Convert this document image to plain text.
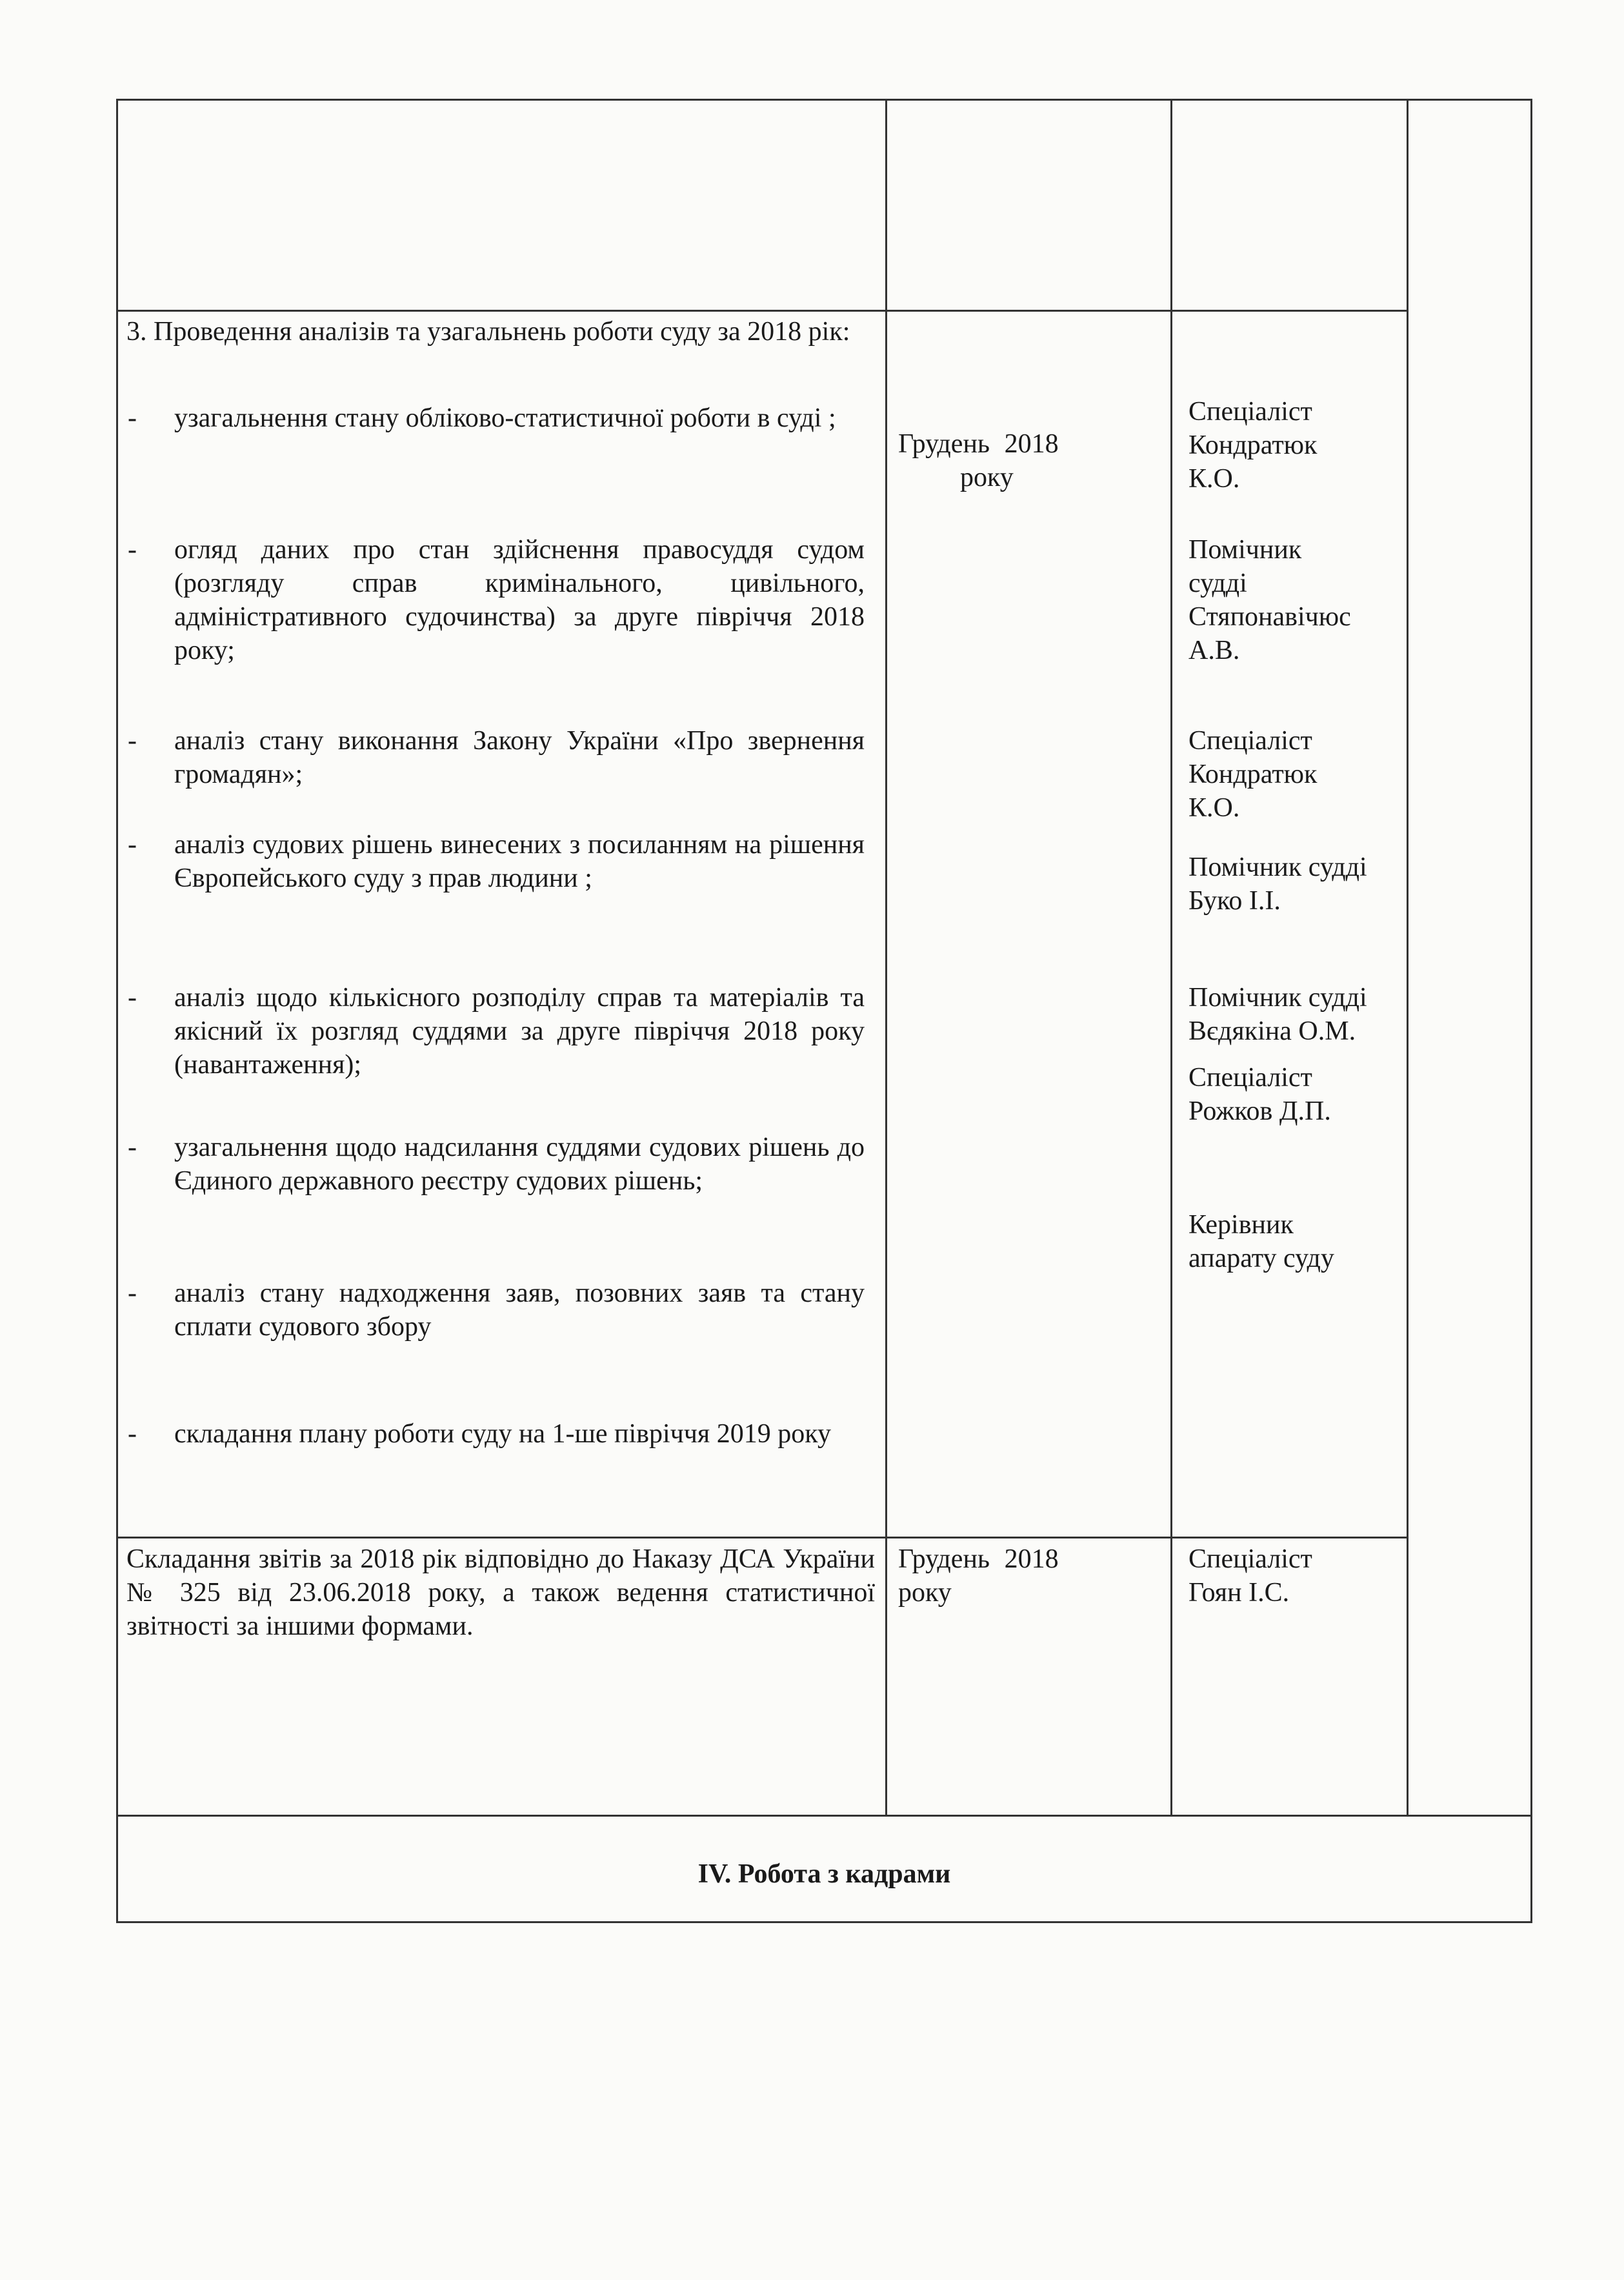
3. Проведення аналізів та узагальнень роботи суду за 2018 рік:
- узагальнення стану обліково-статистичної роботи в суді ;
- огляд даних про стан здійснення правосуддя судом (розгляду справ кримінального, цивільного, адміністративного судочинства) за друге півріччя 2018 року;
- аналіз стану виконання Закону України «Про звернення громадян»;
- аналіз судових рішень винесених з посиланням на рішення Європейського суду з прав людини ;
- аналіз щодо кількісного розподілу справ та матеріалів та якісний їх розгляд суддями за друге півріччя 2018 року (навантаження);
- узагальнення щодо надсилання суддями судових рішень до Єдиного державного реєстру судових рішень;
- аналіз стану надходження заяв, позовних заяв та стану сплати судового збору
- складання плану роботи суду на 1-ше півріччя 2019 року
Грудень 2018
року
Спеціаліст Кондратюк К.О.
Помічник судді Стяпонавічюс А.В.
Спеціаліст Кондратюк К.О.
Помічник судді Буко І.І.
Помічник судді Вєдякіна О.М.
Спеціаліст Рожков Д.П.
Керівник апарату суду
Складання звітів за 2018 рік відповідно до Наказу ДСА України № 325 від 23.06.2018 року, а також ведення статистичної звітності за іншими формами.
Грудень 2018 року
Спеціаліст Гоян І.С.
ІV. Робота з кадрами
